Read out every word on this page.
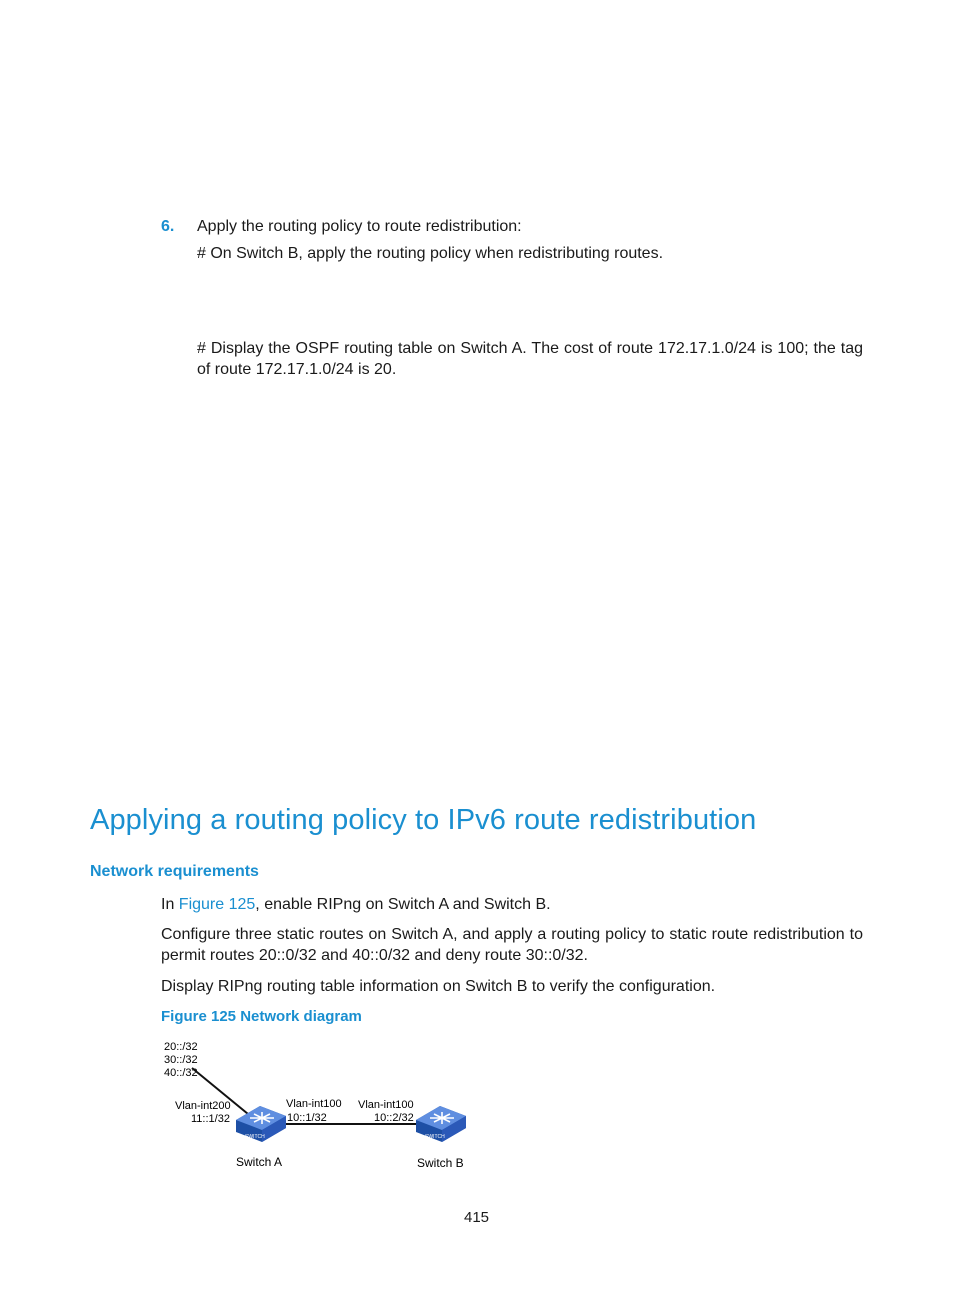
6. Apply the routing policy to route redistribution:
# On Switch B, apply the routing policy when redistributing routes.
# Display the OSPF routing table on Switch A. The cost of route 172.17.1.0/24 is 100; the tag of route 172.17.1.0/24 is 20.
Applying a routing policy to IPv6 route redistribution
Network requirements
In Figure 125, enable RIPng on Switch A and Switch B.
Configure three static routes on Switch A, and apply a routing policy to static route redistribution to permit routes 20::0/32 and 40::0/32 and deny route 30::0/32.
Display RIPng routing table information on Switch B to verify the configuration.
Figure 125 Network diagram
20::/32
30::/32
40::/32
SWITCH	SWITCH
Vlan-int200
11::1/32
Vlan-int100
10::1/32
Vlan-int100
10::2/32
Switch A	Switch B
415
